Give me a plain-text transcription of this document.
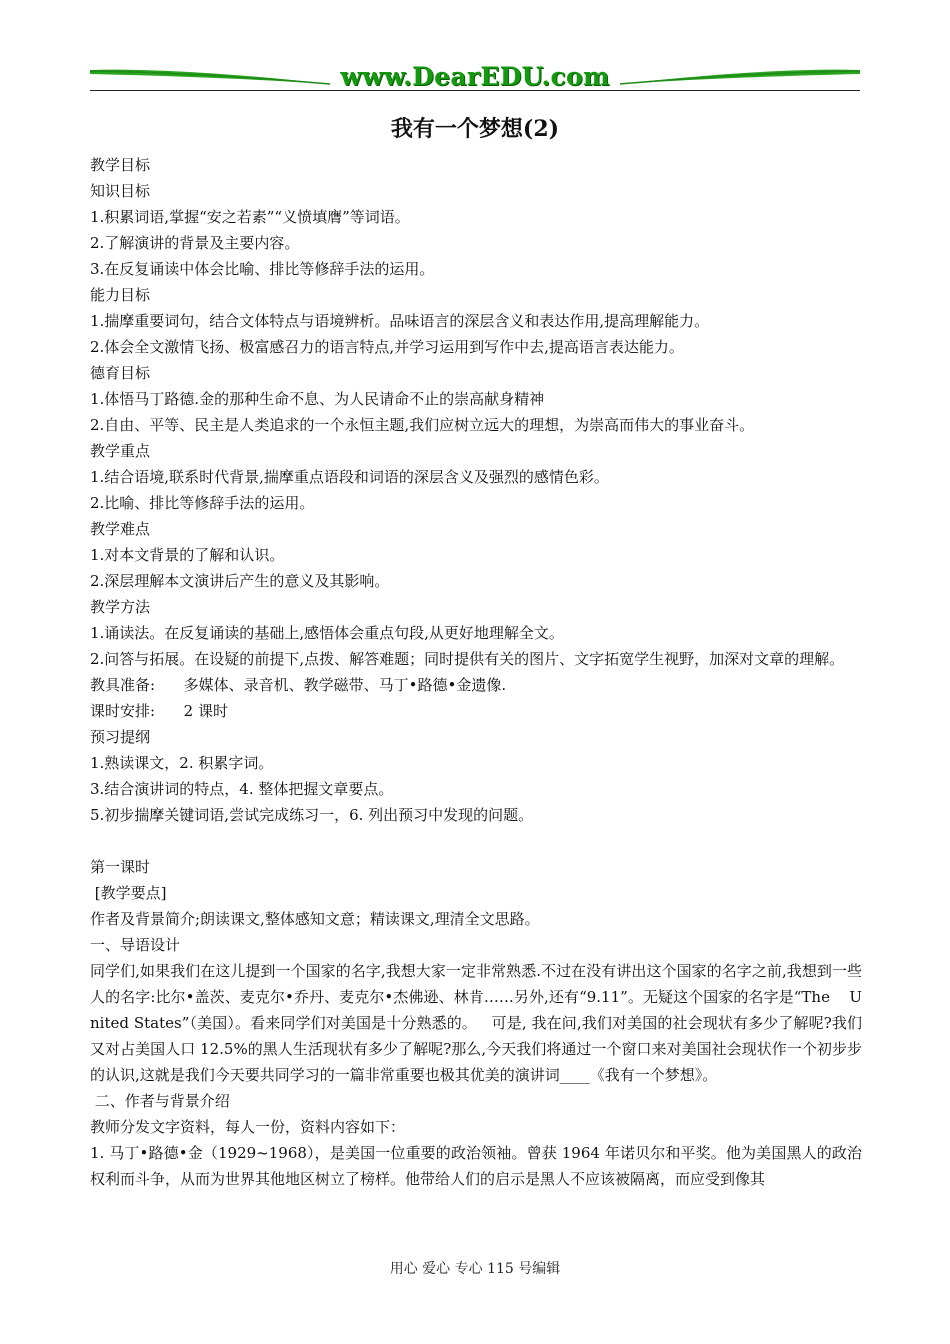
www.DearEDU.com
我有一个梦想(2)

教学目标

知识目标

1.积累词语,掌握“安之若素”“义愤填膺”等词语。

2.了解演讲的背景及主要内容。

3.在反复诵读中体会比喻、排比等修辞手法的运用。

能力目标

1.揣摩重要词句，结合文体特点与语境辨析。品味语言的深层含义和表达作用,提高理解能力。

2.体会全文激情飞扬、极富感召力的语言特点,并学习运用到写作中去,提高语言表达能力。

德育目标

1.体悟马丁路德.金的那种生命不息、为人民请命不止的崇高献身精神

2.自由、平等、民主是人类追求的一个永恒主题,我们应树立远大的理想，为崇高而伟大的事业奋斗。

教学重点

1.结合语境,联系时代背景,揣摩重点语段和词语的深层含义及强烈的感情色彩。

2.比喻、排比等修辞手法的运用。

教学难点

1.对本文背景的了解和认识。

2.深层理解本文演讲后产生的意义及其影响。

教学方法

1.诵读法。在反复诵读的基础上,感悟体会重点句段,从更好地理解全文。

2.问答与拓展。在设疑的前提下,点拨、解答难题；同时提供有关的图片、文字拓宽学生视野，加深对文章的理解。

教具准备:      多媒体、录音机、教学磁带、马丁•路德•金遗像.

课时安排:      2 课时

预习提纲

1.熟读课文，2. 积累字词。

3.结合演讲词的特点，4. 整体把握文章要点。

5.初步揣摩关键词语,尝试完成练习一，6. 列出预习中发现的问题。

第一课时

[教学要点]

作者及背景简介;朗读课文,整体感知文意；精读课文,理清全文思路。

一、导语设计

同学们,如果我们在这儿提到一个国家的名字,我想大家一定非常熟悉.不过在没有讲出这个国家的名字之前,我想到一些人的名字:比尔•盖茨、麦克尔•乔丹、麦克尔•杰佛逊、林肯……另外,还有“9.11”。无疑这个国家的名字是“The    U nited States”（美国）。看来同学们对美国是十分熟悉的。   可是, 我在问,我们对美国的社会现状有多少了解呢?我们又对占美国人口 12.5%的黑人生活现状有多少了解呢?那么,今天我们将通过一个窗口来对美国社会现状作一个初步步的认识,这就是我们今天要共同学习的一篇非常重要也极其优美的演讲词____《我有一个梦想》。

二、作者与背景介绍

教师分发文字资料，每人一份，资料内容如下：

1. 马丁•路德•金（1929~1968），是美国一位重要的政治领袖。曾获 1964 年诺贝尔和平奖。他为美国黑人的政治权利而斗争，从而为世界其他地区树立了榜样。他带给人们的启示是黑人不应该被隔离，而应受到像其

用心 爱心 专心 115 号编辑
